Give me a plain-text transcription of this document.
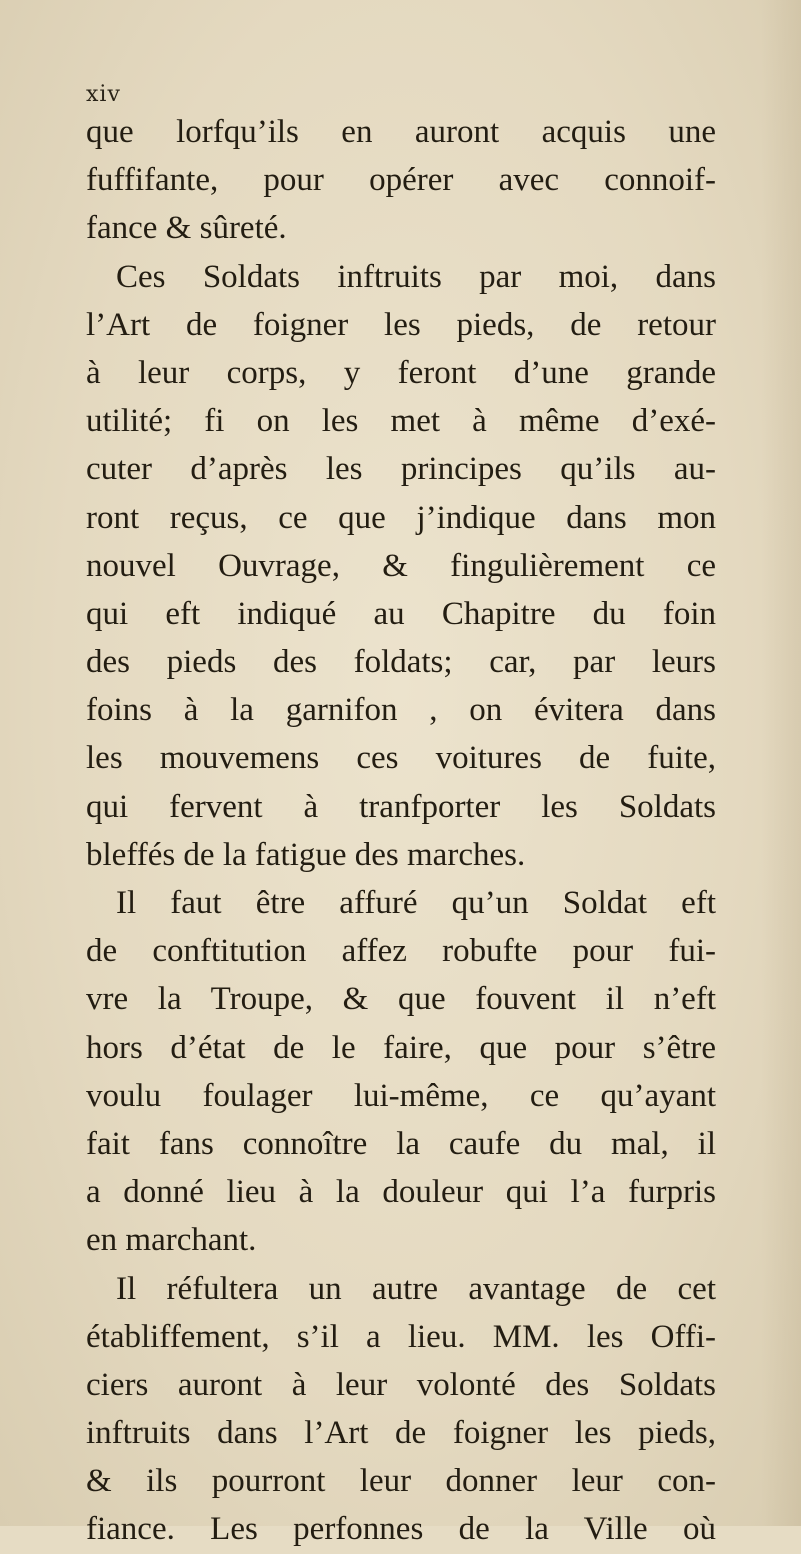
xiv
que lorfqu’ils en auront acquis une
fuffifante, pour opérer avec connoif-
fance & sûreté.
Ces Soldats inftruits par moi, dans
l’Art de foigner les pieds, de retour
à leur corps, y feront d’une grande
utilité; fi on les met à même d’exé-
cuter d’après les principes qu’ils au-
ront reçus, ce que j’indique dans mon
nouvel Ouvrage, & fingulièrement ce
qui eft indiqué au Chapitre du foin
des pieds des foldats; car, par leurs
foins à la garnifon , on évitera dans
les mouvemens ces voitures de fuite,
qui fervent à tranfporter les Soldats
bleffés de la fatigue des marches.
Il faut être affuré qu’un Soldat eft
de conftitution affez robufte pour fui-
vre la Troupe, & que fouvent il n’eft
hors d’état de le faire, que pour s’être
voulu foulager lui-même, ce qu’ayant
fait fans connoître la caufe du mal, il
a donné lieu à la douleur qui l’a furpris
en marchant.
Il réfultera un autre avantage de cet
établiffement, s’il a lieu. MM. les Offi-
ciers auront à leur volonté des Soldats
inftruits dans l’Art de foigner les pieds,
& ils pourront leur donner leur con-
fiance. Les perfonnes de la Ville où
